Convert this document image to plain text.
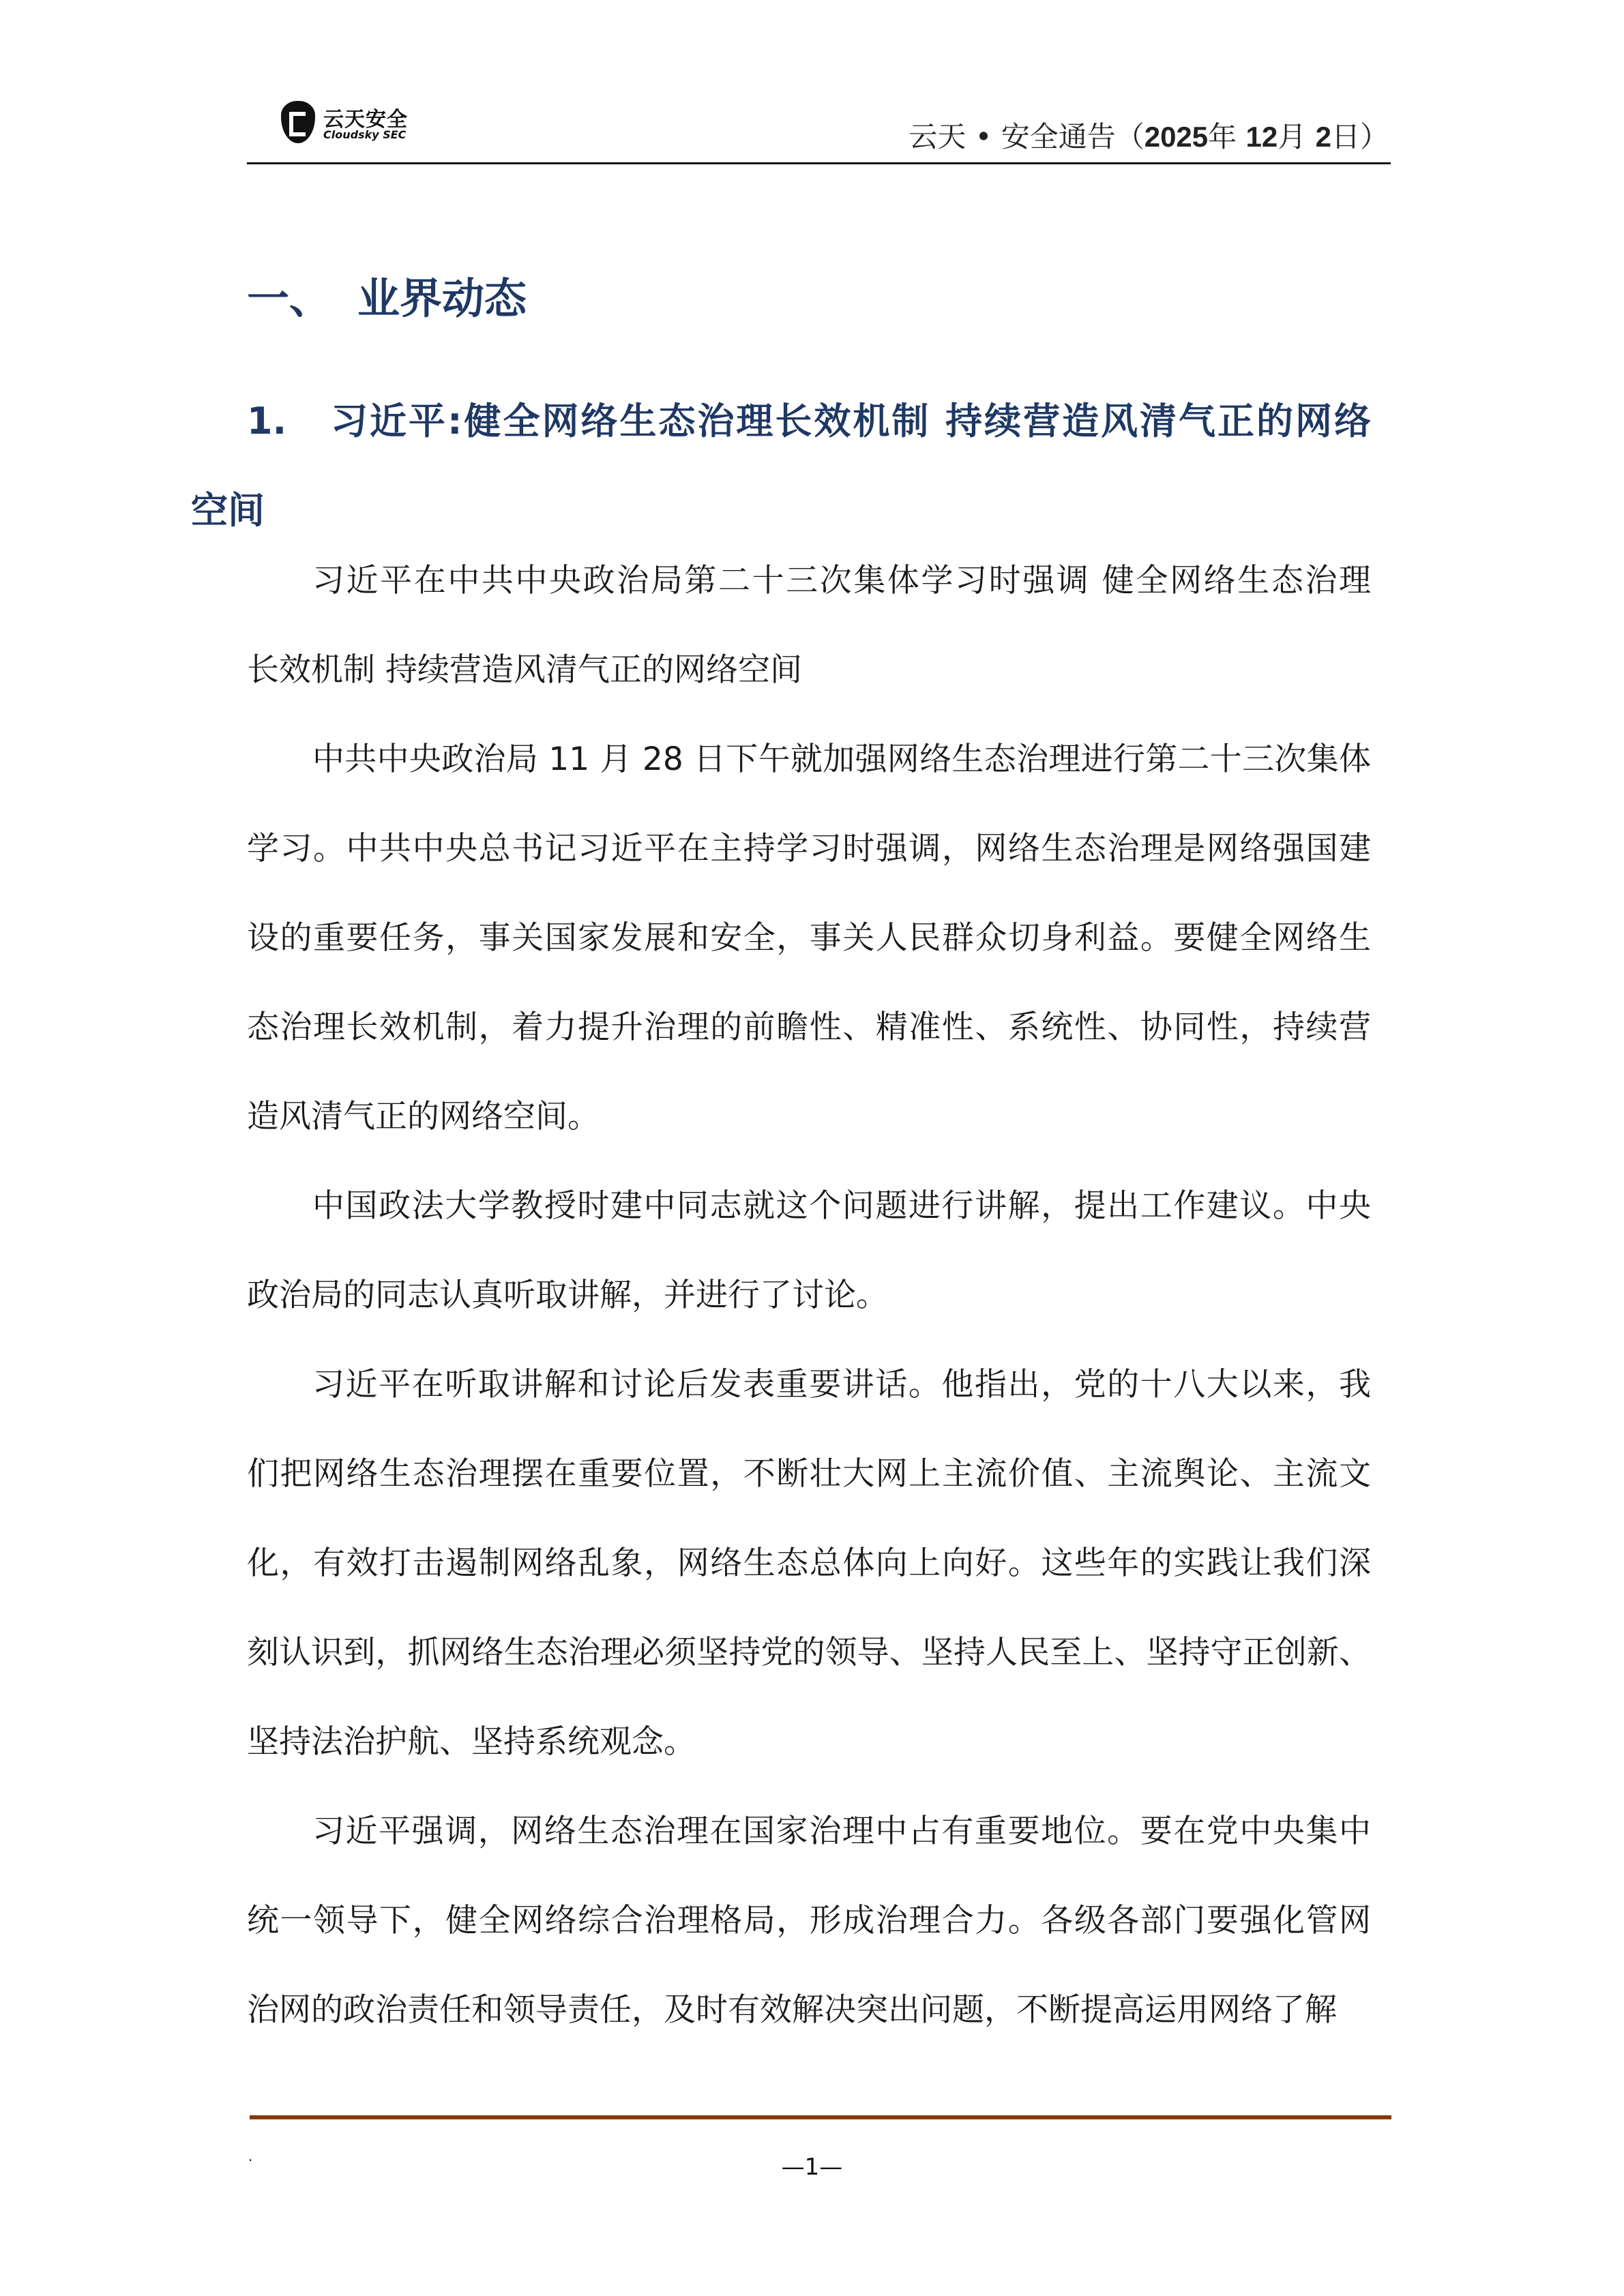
云天安全
Cloudsky SEC	云天 • 安全通告（2025年 12月 2日）
一、 业界动态
1. 习近平:健全网络生态治理长效机制 持续营造风清气正的网络
空间
习近平在中共中央政治局第二十三次集体学习时强调 健全网络生态治理
长效机制 持续营造风清气正的网络空间
中共中央政治局 11 月 28 日下午就加强网络生态治理进行第二十三次集体
学习。中共中央总书记习近平在主持学习时强调，网络生态治理是网络强国建
设的重要任务，事关国家发展和安全，事关人民群众切身利益。要健全网络生
态治理长效机制，着力提升治理的前瞻性、精准性、系统性、协同性，持续营
造风清气正的网络空间。
中国政法大学教授时建中同志就这个问题进行讲解，提出工作建议。中央
政治局的同志认真听取讲解，并进行了讨论。
习近平在听取讲解和讨论后发表重要讲话。他指出，党的十八大以来，我
们把网络生态治理摆在重要位置，不断壮大网上主流价值、主流舆论、主流文
化，有效打击遏制网络乱象，网络生态总体向上向好。这些年的实践让我们深
刻认识到，抓网络生态治理必须坚持党的领导、坚持人民至上、坚持守正创新、
坚持法治护航、坚持系统观念。
习近平强调，网络生态治理在国家治理中占有重要地位。要在党中央集中
统一领导下，健全网络综合治理格局，形成治理合力。各级各部门要强化管网
治网的政治责任和领导责任，及时有效解决突出问题，不断提高运用网络了解
.	—1—
